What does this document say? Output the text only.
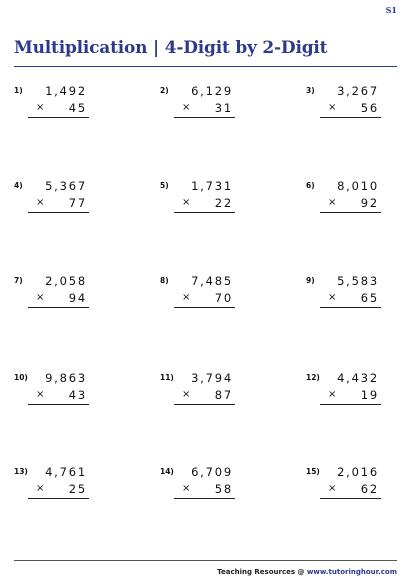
S1
Multiplication | 4-Digit by 2-Digit
1) 1,492
× 45
2) 6,129
× 31
3) 3,267
× 56
4) 5,367
× 77
5) 1,731
× 22
6) 8,010
× 92
7) 2,058
× 94
8) 7,485
× 70
9) 5,583
× 65
10) 9,863
× 43
11) 3,794
× 87
12) 4,432
× 19
13) 4,761
× 25
14) 6,709
× 58
15) 2,016
× 62
Teaching Resources @ www.tutoringhour.com
